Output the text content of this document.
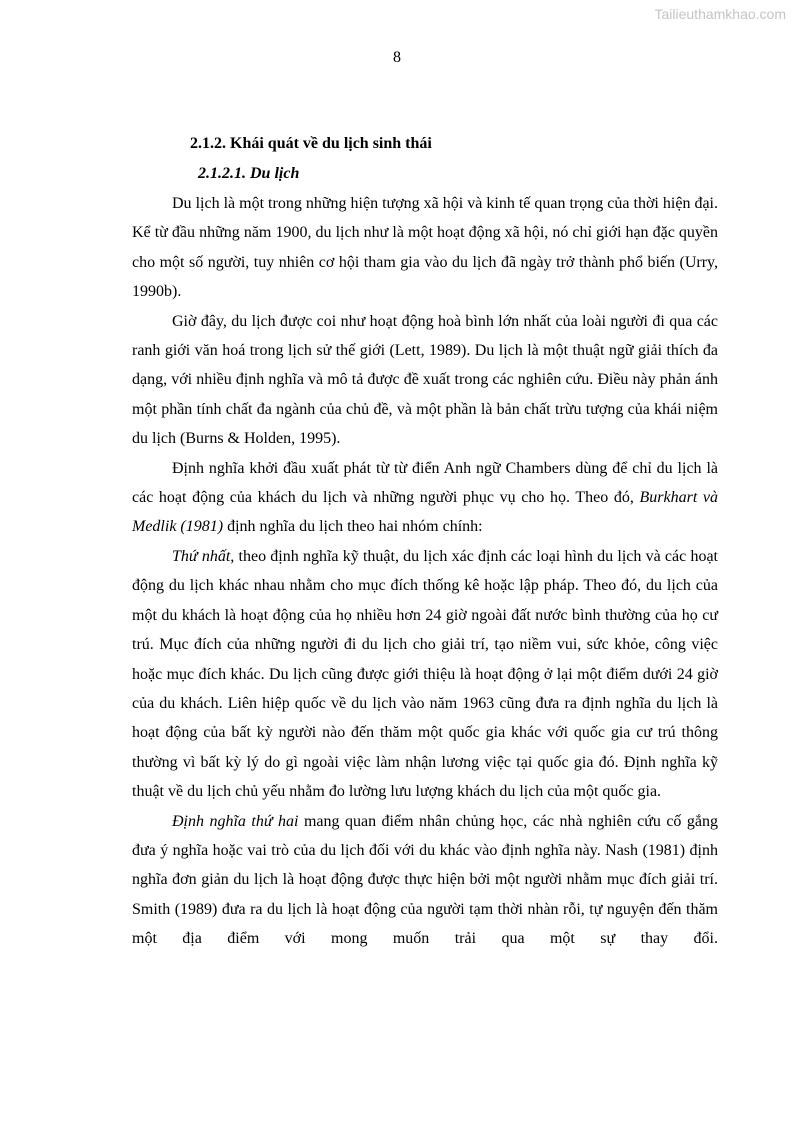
Tailieuthamkhao.com
8
2.1.2. Khái quát về du lịch sinh thái
2.1.2.1. Du lịch

Du lịch là một trong những hiện tượng xã hội và kinh tế quan trọng của thời hiện đại. Kể từ đầu những năm 1900, du lịch như là một hoạt động xã hội, nó chỉ giới hạn đặc quyền cho một số người, tuy nhiên cơ hội tham gia vào du lịch đã ngày trở thành phổ biến (Urry, 1990b).

Giờ đây, du lịch được coi như hoạt động hoà bình lớn nhất của loài người đi qua các ranh giới văn hoá trong lịch sử thế giới (Lett, 1989). Du lịch là một thuật ngữ giải thích đa dạng, với nhiều định nghĩa và mô tả được đề xuất trong các nghiên cứu. Điều này phản ánh một phần tính chất đa ngành của chủ đề, và một phần là bản chất trừu tượng của khái niệm du lịch (Burns & Holden, 1995).

Định nghĩa khởi đầu xuất phát từ từ điển Anh ngữ Chambers dùng để chỉ du lịch là các hoạt động của khách du lịch và những người phục vụ cho họ. Theo đó, Burkhart và Medlik (1981) định nghĩa du lịch theo hai nhóm chính:

Thứ nhất, theo định nghĩa kỹ thuật, du lịch xác định các loại hình du lịch và các hoạt động du lịch khác nhau nhằm cho mục đích thống kê hoặc lập pháp. Theo đó, du lịch của một du khách là hoạt động của họ nhiều hơn 24 giờ ngoài đất nước bình thường của họ cư trú. Mục đích của những người đi du lịch cho giải trí, tạo niềm vui, sức khỏe, công việc hoặc mục đích khác. Du lịch cũng được giới thiệu là hoạt động ở lại một điểm dưới 24 giờ của du khách. Liên hiệp quốc về du lịch vào năm 1963 cũng đưa ra định nghĩa du lịch là hoạt động của bất kỳ người nào đến thăm một quốc gia khác với quốc gia cư trú thông thường vì bất kỳ lý do gì ngoài việc làm nhận lương việc tại quốc gia đó. Định nghĩa kỹ thuật về du lịch chủ yếu nhằm đo lường lưu lượng khách du lịch của một quốc gia.

Định nghĩa thứ hai mang quan điểm nhân chủng học, các nhà nghiên cứu cố gắng đưa ý nghĩa hoặc vai trò của du lịch đối với du khác vào định nghĩa này. Nash (1981) định nghĩa đơn giản du lịch là hoạt động được thực hiện bởi một người nhằm mục đích giải trí. Smith (1989) đưa ra du lịch là hoạt động của người tạm thời nhàn rỗi, tự nguyện đến thăm một địa điểm với mong muốn trải qua một sự thay đổi.
